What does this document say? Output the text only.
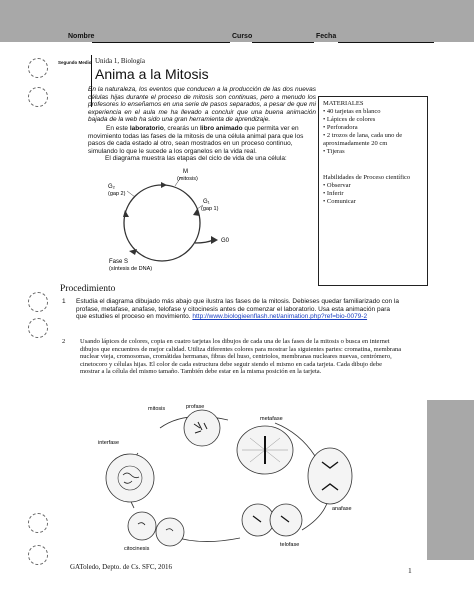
Nombre	Curso	Fecha
Segundo Medio Unida 1, Biología
Anima a la Mitosis
En la naturaleza, los eventos que conducen a la producción de las dos nuevas células hijas durante el proceso de mitosis son continuas, pero a menudo los profesores lo enseñamos en una serie de pasos separados, a pesar de que mi experiencia en el aula me ha llevado a concluir que una buena animación bajada de la web ha sido una gran herramienta de aprendizaje.
En este laboratorio, crearás un libro animado que permita ver en movimiento todas las fases de la mitosis de una célula animal para que los pasos de cada estado al otro, sean mostrados en un proceso continuo, simulando lo que le sucede a los organelos en la vida real.
El diagrama muestra las etapas del ciclo de vida de una célula:
M
(mitosis)
G₂
(gap 2)
G₁
(gap 1)
G0
Fase S
(síntesis de DNA)
MATERIALES
• 40 tarjetas en blanco
• Lápices de colores
• Perforadora
• 2 trozos de lana, cada uno de aproximadamente 20 cm
• Tijeras
Habilidades de Proceso científico
• Observar
• Inferir
• Comunicar
Procedimiento
1 Estudia el diagrama dibujado más abajo que ilustra las fases de la mitosis. Debieses quedar familiarizado con la profase, metafase, anafase, telofase y citocinesis antes de comenzar el laboratorio. Usa esta animación para que estudies el proceso en movimiento. http://www.biologieenflash.net/animation.php?ref=bio-0079-2
2 Usando lápices de colores, copia en cuatro tarjetas los dibujos de cada una de las fases de la mitosis o busca en internet dibujos que encuentres de mejor calidad. Utiliza diferentes colores para mostrar las siguientes partes: cromatina, membrana nuclear vieja, cromosomas, cromátidas hermanas, fibras del huso, centriolos, membranas nucleares nuevas, centrómero, cinetocoro y células hijas. El color de cada estructura debe seguir siendo el mismo en cada tarjeta. Cada dibujo debe mostrar a la célula del mismo tamaño. También debe estar en la misma posición en la tarjeta.
mitosis	profase
metafase
interfase
anafase
telofase
citocinesis
GAToledo, Depto. de Cs. SFC, 2016	1
